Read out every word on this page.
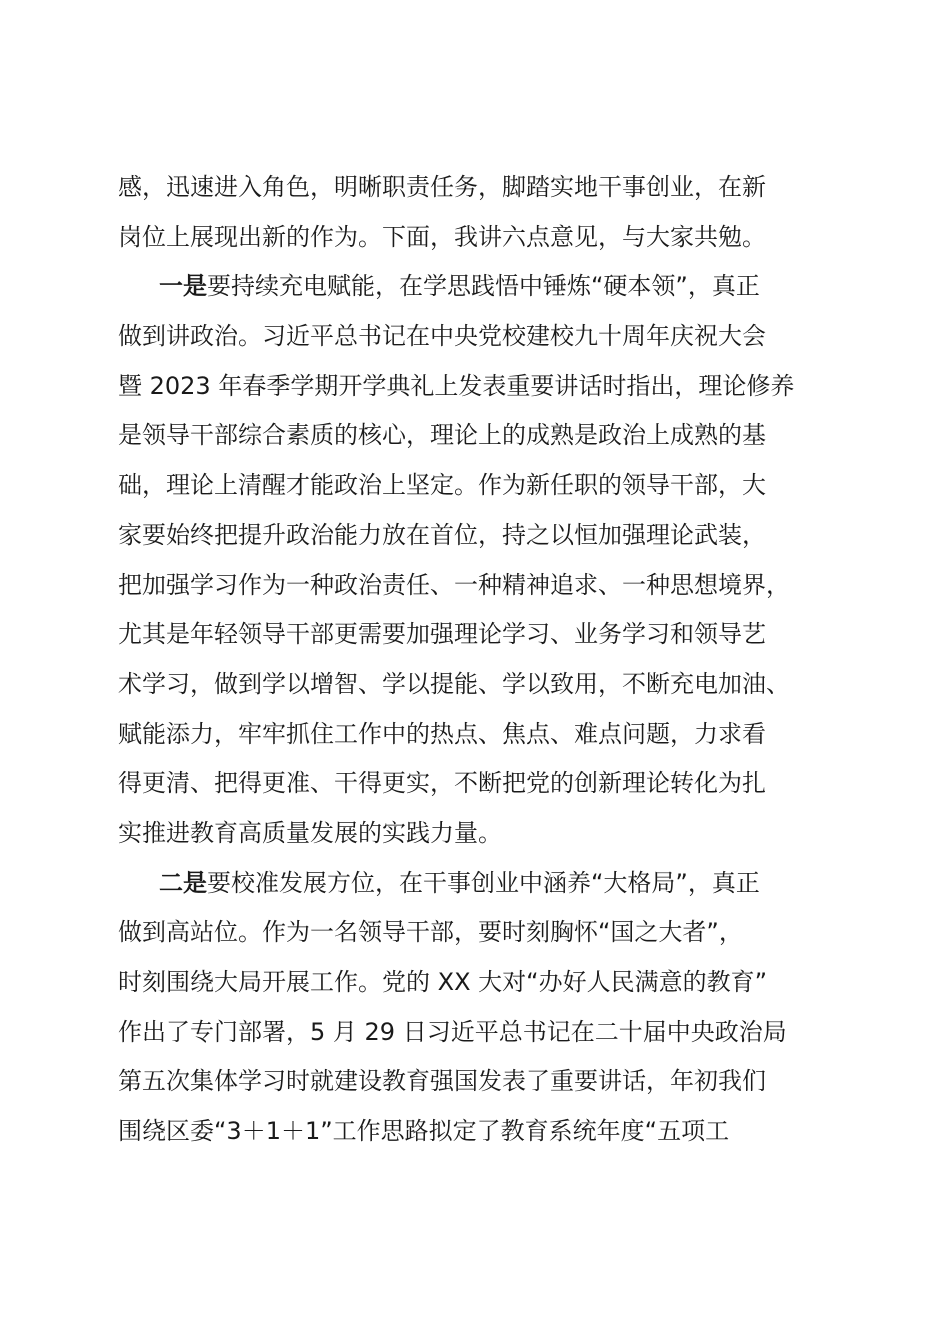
感，迅速进入角色，明晰职责任务，脚踏实地干事创业，在新
岗位上展现出新的作为。下面，我讲六点意见，与大家共勉。
一是要持续充电赋能，在学思践悟中锤炼“硬本领”，真正
做到讲政治。习近平总书记在中央党校建校九十周年庆祝大会
暨 2023 年春季学期开学典礼上发表重要讲话时指出，理论修养
是领导干部综合素质的核心，理论上的成熟是政治上成熟的基
础，理论上清醒才能政治上坚定。作为新任职的领导干部，大
家要始终把提升政治能力放在首位，持之以恒加强理论武装，
把加强学习作为一种政治责任、一种精神追求、一种思想境界，
尤其是年轻领导干部更需要加强理论学习、业务学习和领导艺
术学习，做到学以增智、学以提能、学以致用，不断充电加油、
赋能添力，牢牢抓住工作中的热点、焦点、难点问题，力求看
得更清、把得更准、干得更实，不断把党的创新理论转化为扎
实推进教育高质量发展的实践力量。
二是要校准发展方位，在干事创业中涵养“大格局”，真正
做到高站位。作为一名领导干部，要时刻胸怀“国之大者”，
时刻围绕大局开展工作。党的 XX 大对“办好人民满意的教育”
作出了专门部署，5 月 29 日习近平总书记在二十届中央政治局
第五次集体学习时就建设教育强国发表了重要讲话，年初我们
围绕区委“3＋1＋1”工作思路拟定了教育系统年度“五项工
